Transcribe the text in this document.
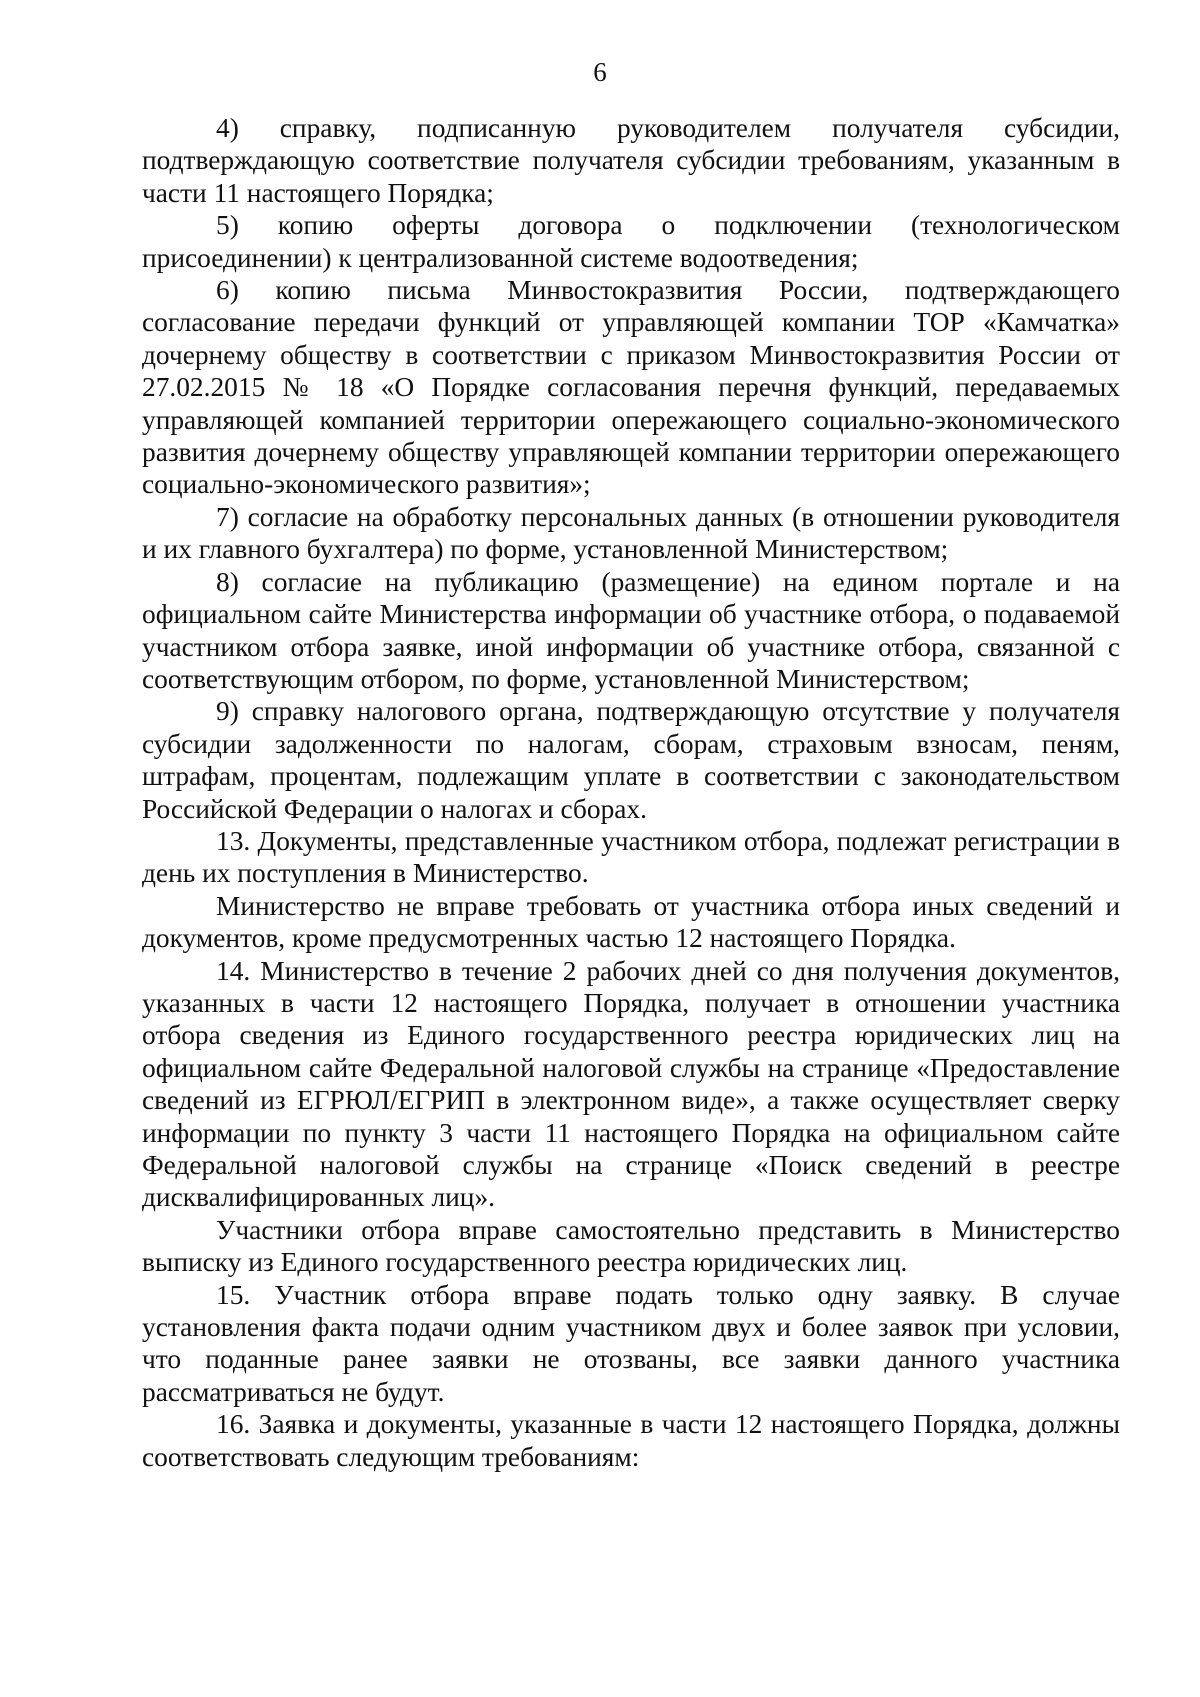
6

4) справку, подписанную руководителем получателя субсидии, подтверждающую соответствие получателя субсидии требованиям, указанным в части 11 настоящего Порядка;

5) копию оферты договора о подключении (технологическом присоединении) к централизованной системе водоотведения;

6) копию письма Минвостокразвития России, подтверждающего согласование передачи функций от управляющей компании ТОР «Камчатка» дочернему обществу в соответствии с приказом Минвостокразвития России от 27.02.2015 № 18 «О Порядке согласования перечня функций, передаваемых управляющей компанией территории опережающего социально-экономического развития дочернему обществу управляющей компании территории опережающего социально-экономического развития»;

7) согласие на обработку персональных данных (в отношении руководителя и их главного бухгалтера) по форме, установленной Министерством;

8) согласие на публикацию (размещение) на едином портале и на официальном сайте Министерства информации об участнике отбора, о подаваемой участником отбора заявке, иной информации об участнике отбора, связанной с соответствующим отбором, по форме, установленной Министерством;

9) справку налогового органа, подтверждающую отсутствие у получателя субсидии задолженности по налогам, сборам, страховым взносам, пеням, штрафам, процентам, подлежащим уплате в соответствии с законодательством Российской Федерации о налогах и сборах.

13. Документы, представленные участником отбора, подлежат регистрации в день их поступления в Министерство.

Министерство не вправе требовать от участника отбора иных сведений и документов, кроме предусмотренных частью 12 настоящего Порядка.

14. Министерство в течение 2 рабочих дней со дня получения документов, указанных в части 12 настоящего Порядка, получает в отношении участника отбора сведения из Единого государственного реестра юридических лиц на официальном сайте Федеральной налоговой службы на странице «Предоставление сведений из ЕГРЮЛ/ЕГРИП в электронном виде», а также осуществляет сверку информации по пункту 3 части 11 настоящего Порядка на официальном сайте Федеральной налоговой службы на странице «Поиск сведений в реестре дисквалифицированных лиц».

Участники отбора вправе самостоятельно представить в Министерство выписку из Единого государственного реестра юридических лиц.

15. Участник отбора вправе подать только одну заявку. В случае установления факта подачи одним участником двух и более заявок при условии, что поданные ранее заявки не отозваны, все заявки данного участника рассматриваться не будут.

16. Заявка и документы, указанные в части 12 настоящего Порядка, должны соответствовать следующим требованиям:
